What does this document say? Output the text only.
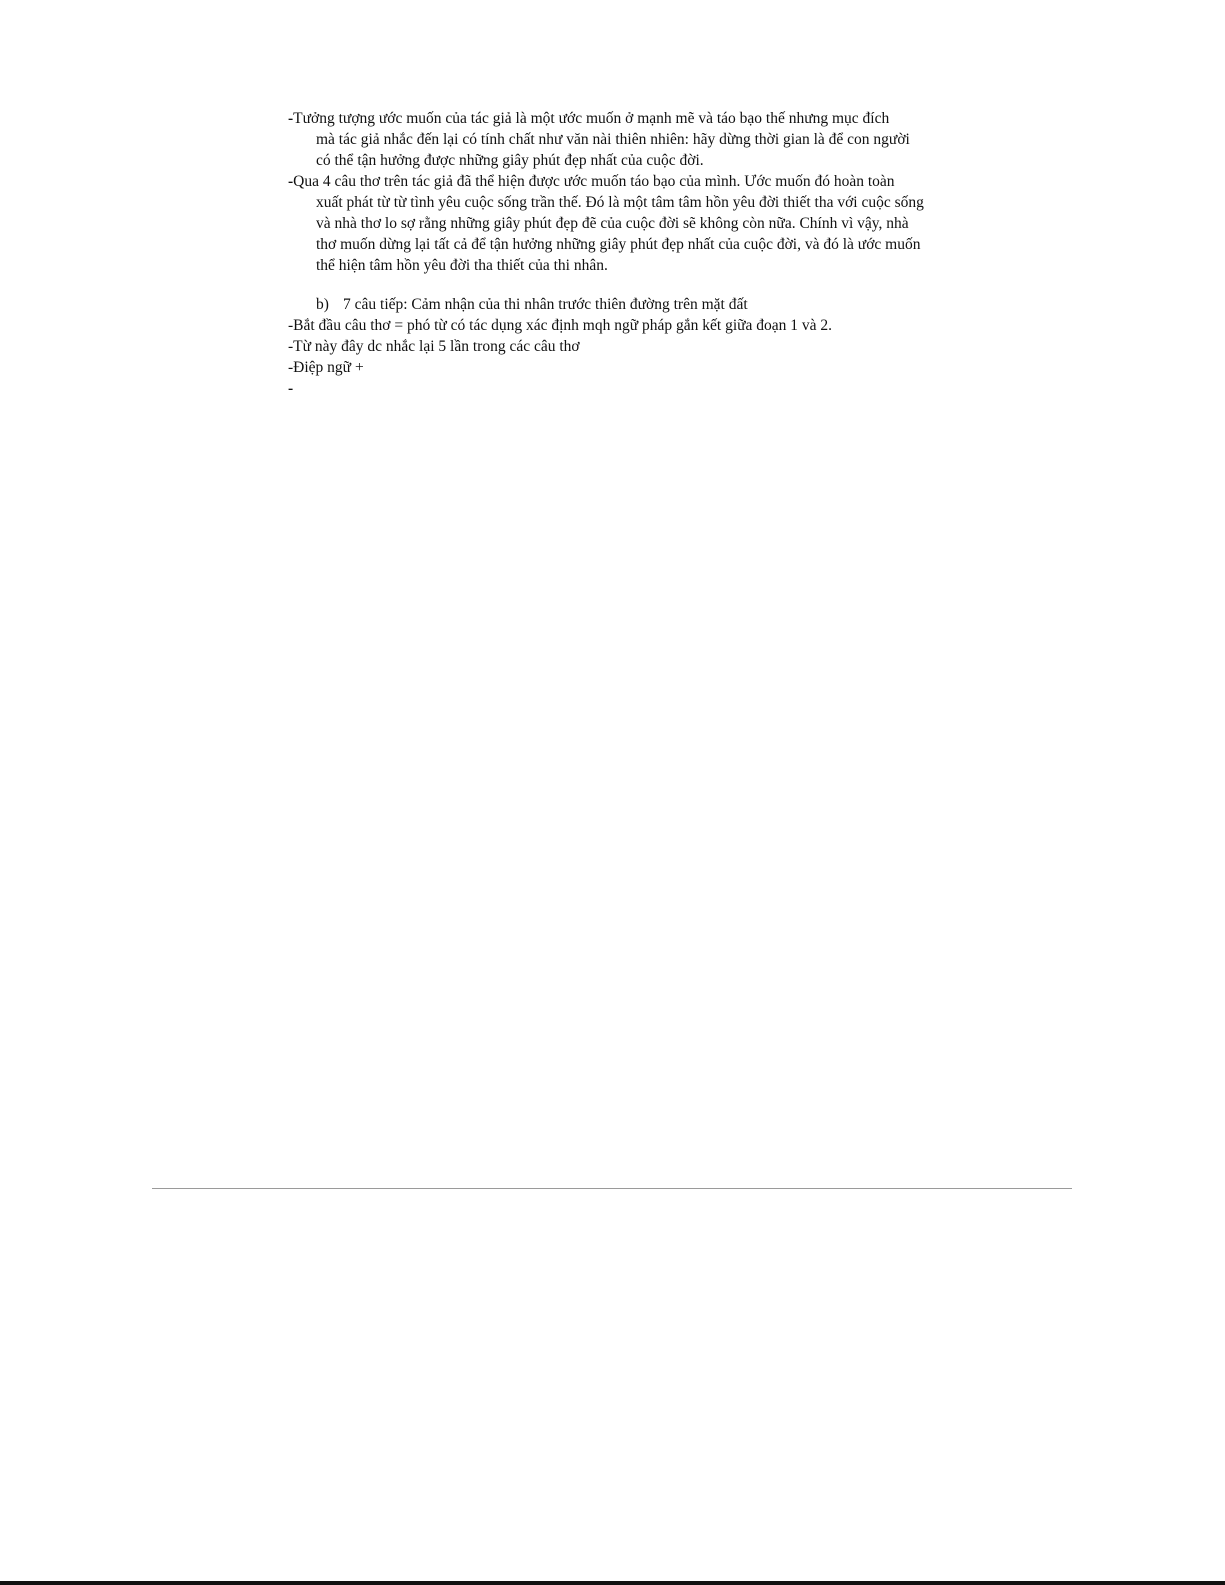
-Tưởng tượng ước muốn của tác giả là một ước muốn ở mạnh mẽ và táo bạo thế nhưng mục đích
mà tác giả nhắc đến lại có tính chất như văn nài thiên nhiên: hãy dừng thời gian là để con người
có thể tận hưởng được những giây phút đẹp nhất của cuộc đời.
-Qua 4 câu thơ trên tác giả đã thể hiện được ước muốn táo bạo của mình. Ước muốn đó hoàn toàn
xuất phát từ từ tình yêu cuộc sống trần thế. Đó là một tâm tâm hồn yêu đời thiết tha với cuộc sống
và nhà thơ lo sợ rằng những giây phút đẹp đẽ của cuộc đời sẽ không còn nữa. Chính vì vậy, nhà
thơ muốn dừng lại tất cả để tận hưởng những giây phút đẹp nhất của cuộc đời, và đó là ước muốn
thể hiện tâm hồn yêu đời tha thiết của thi nhân.
b) 7 câu tiếp: Cảm nhận của thi nhân trước thiên đường trên mặt đất
-Bắt đầu câu thơ = phó từ có tác dụng xác định mqh ngữ pháp gắn kết giữa đoạn 1 và 2.
-Từ này đây dc nhắc lại 5 lần trong các câu thơ
-Điệp ngữ +
-
